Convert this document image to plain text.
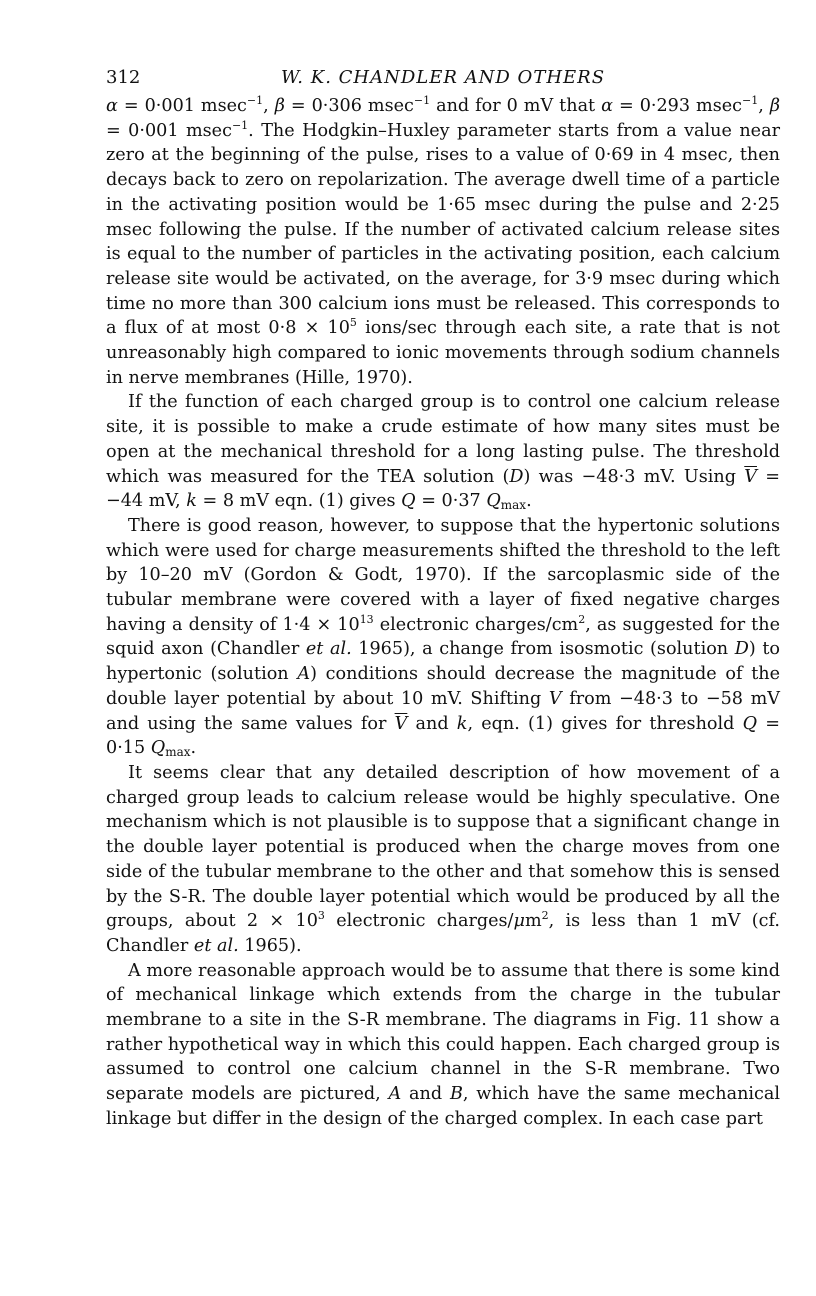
312	W. K. CHANDLER AND OTHERS

α = 0·001 msec$^{-1}$, β = 0·306 msec$^{-1}$ and for 0 mV that α = 0·293 msec$^{-1}$, β = 0·001 msec$^{-1}$. The Hodgkin–Huxley parameter starts from a value near zero at the beginning of the pulse, rises to a value of 0·69 in 4 msec, then decays back to zero on repolarization. The average dwell time of a particle in the activating position would be 1·65 msec during the pulse and 2·25 msec following the pulse. If the number of activated calcium release sites is equal to the number of particles in the activating position, each calcium release site would be activated, on the average, for 3·9 msec during which time no more than 300 calcium ions must be released. This corresponds to a flux of at most $0\cdot 8 \times 10^5$ ions/sec through each site, a rate that is not unreasonably high compared to ionic movements through sodium channels in nerve membranes (Hille, 1970).

If the function of each charged group is to control one calcium release site, it is possible to make a crude estimate of how many sites must be open at the mechanical threshold for a long lasting pulse. The threshold which was measured for the TEA solution (D) was −48·3 mV. Using $\overline{V} = -44$ mV, k = 8 mV eqn. (1) gives Q = 0·37 $Q_{max}$.

There is good reason, however, to suppose that the hypertonic solutions which were used for charge measurements shifted the threshold to the left by 10–20 mV (Gordon & Godt, 1970). If the sarcoplasmic side of the tubular membrane were covered with a layer of fixed negative charges having a density of $1\cdot 4 \times 10^{13}$ electronic charges/$cm^2$, as suggested for the squid axon (Chandler et al. 1965), a change from isosmotic (solution D) to hypertonic (solution A) conditions should decrease the magnitude of the double layer potential by about 10 mV. Shifting V from −48·3 to −58 mV and using the same values for $\overline{V}$ and k, eqn. (1) gives for threshold Q = 0·15 $Q_{max}$.

It seems clear that any detailed description of how movement of a charged group leads to calcium release would be highly speculative. One mechanism which is not plausible is to suppose that a significant change in the double layer potential is produced when the charge moves from one side of the tubular membrane to the other and that somehow this is sensed by the S-R. The double layer potential which would be produced by all the groups, about $2 \times 10^3$ electronic charges/$\mu m^2$, is less than 1 mV (cf. Chandler et al. 1965).

A more reasonable approach would be to assume that there is some kind of mechanical linkage which extends from the charge in the tubular membrane to a site in the S-R membrane. The diagrams in Fig. 11 show a rather hypothetical way in which this could happen. Each charged group is assumed to control one calcium channel in the S-R membrane. Two separate models are pictured, A and B, which have the same mechanical linkage but differ in the design of the charged complex. In each case part
